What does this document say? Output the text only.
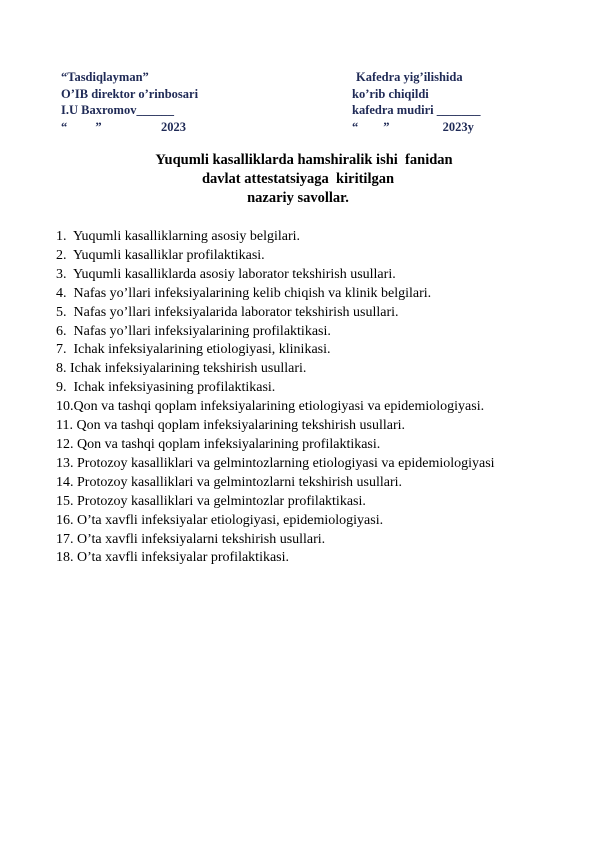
“Tasdiqlayman”
O’IB direktor o’rinbosari
I.U Baxromov______
“         ”                   2023
Kafedra yig’ilishida
ko’rib chiqildi
kafedra mudiri _______
“        ”                 2023y
Yuqumli kasalliklarda hamshiralik ishi  fanidan
davlat attestatsiyaga  kiritilgan
nazariy savollar.
1.  Yuqumli kasalliklarning asosiy belgilari.
2.  Yuqumli kasalliklar profilaktikasi.
3.  Yuqumli kasalliklarda asosiy laborator tekshirish usullari.
4.  Nafas yo’llari infeksiyalarining kelib chiqish va klinik belgilari.
5.  Nafas yo’llari infeksiyalarida laborator tekshirish usullari.
6.  Nafas yo’llari infeksiyalarining profilaktikasi.
7.  Ichak infeksiyalarining etiologiyasi, klinikasi.
8. Ichak infeksiyalarining tekshirish usullari.
9.  Ichak infeksiyasining profilaktikasi.
10.Qon va tashqi qoplam infeksiyalarining etiologiyasi va epidemiologiyasi.
11. Qon va tashqi qoplam infeksiyalarining tekshirish usullari.
12. Qon va tashqi qoplam infeksiyalarining profilaktikasi.
13. Protozoy kasalliklari va gelmintozlarning etiologiyasi va epidemiologiyasi
14. Protozoy kasalliklari va gelmintozlarni tekshirish usullari.
15. Protozoy kasalliklari va gelmintozlar profilaktikasi.
16. O’ta xavfli infeksiyalar etiologiyasi, epidemiologiyasi.
17. O’ta xavfli infeksiyalarni tekshirish usullari.
18. O’ta xavfli infeksiyalar profilaktikasi.
